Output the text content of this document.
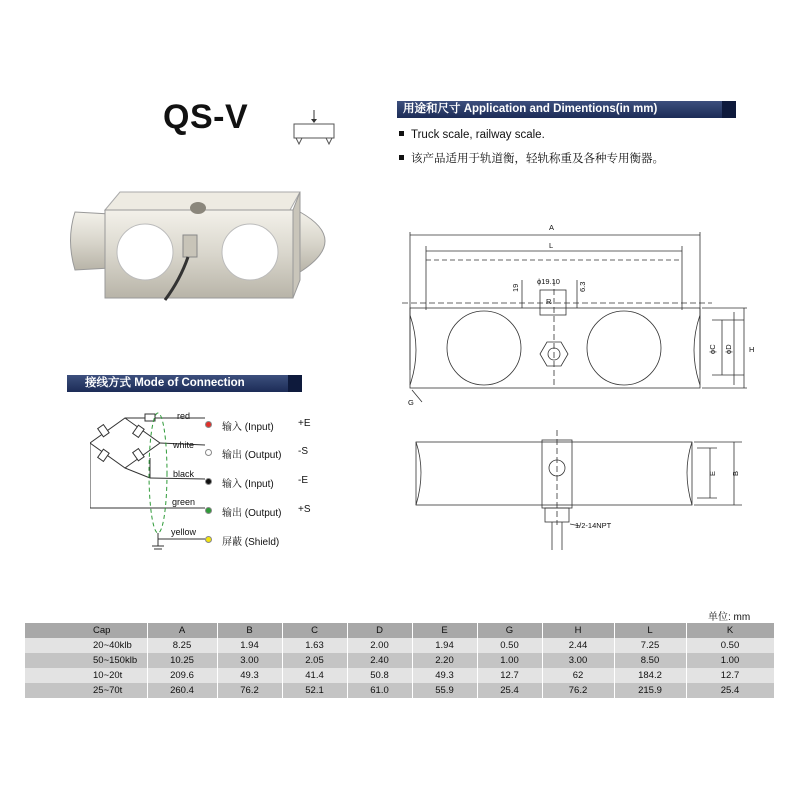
QS-V	用途和尺寸 Application and Dimentions(in mm)
Truck scale, railway scale.
该产品适用于轨道衡，轻轨称重及各种专用衡器。
接线方式 Mode of Connection
red
输入 (Input) +E
white
输出 (Output) -S
black
输入 (Input) -E
green
输出 (Output) +S
yellow
屏蔽 (Shield)
A
L
ϕ19.10
19	6.3
R
ϕC ϕD H
G
1/2-14NPT
E B
单位: mm
Cap	A	B	C	D	E	G	H	L	K
20~40klb	8.25	1.94	1.63	2.00	1.94	0.50	2.44	7.25	0.50
50~150klb	10.25	3.00	2.05	2.40	2.20	1.00	3.00	8.50	1.00
10~20t	209.6	49.3	41.4	50.8	49.3	12.7	62	184.2	12.7
25~70t	260.4	76.2	52.1	61.0	55.9	25.4	76.2	215.9	25.4
